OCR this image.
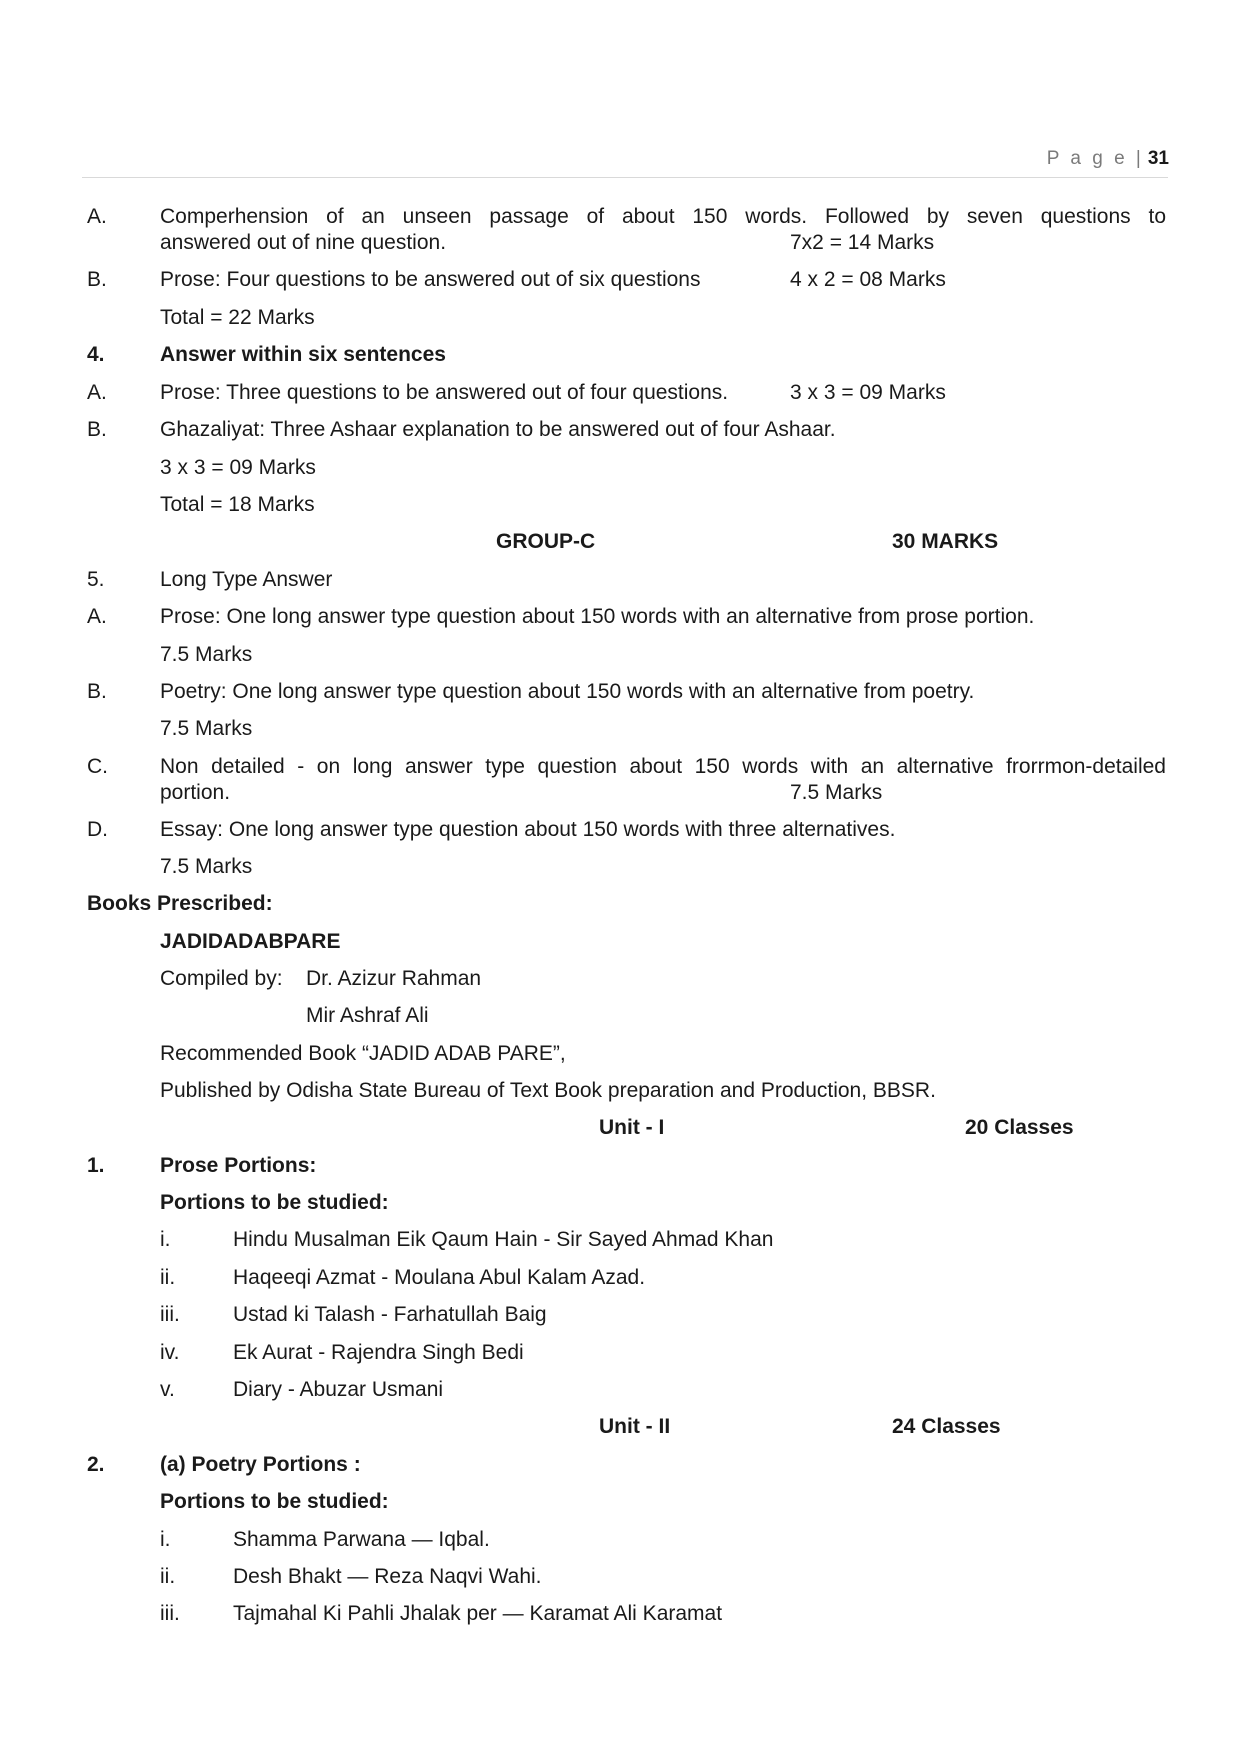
P a g e | 31
A.	Comperhension of an unseen passage of about 150 words. Followed by seven questions to
answered out of nine question.	7x2 = 14 Marks
B.	Prose: Four questions to be answered out of six questions	4 x 2 = 08 Marks
Total = 22 Marks
4.	Answer within six sentences
A.	Prose: Three questions to be answered out of four questions.	3 x 3 = 09 Marks
B.	Ghazaliyat: Three Ashaar explanation to be answered out of four Ashaar.
3 x 3 = 09 Marks
Total = 18 Marks
GROUP-C	30 MARKS
5.	Long Type Answer
A.	Prose: One long answer type question about 150 words with an alternative from prose portion.
7.5 Marks
B.	Poetry: One long answer type question about 150 words with an alternative from poetry.
7.5 Marks
C. Non detailed - on long answer type question about 150 words with an alternative frorrmon-detailed
portion.	7.5 Marks
D. Essay: One long answer type question about 150 words with three alternatives.
7.5 Marks
Books Prescribed:
JADIDADABPARE
Compiled by: Dr. Azizur Rahman
Mir Ashraf Ali
Recommended Book “JADID ADAB PARE”,
Published by Odisha State Bureau of Text Book preparation and Production, BBSR.
Unit - I	20 Classes
1.	Prose Portions:
Portions to be studied:
i.	Hindu Musalman Eik Qaum Hain - Sir Sayed Ahmad Khan
ii.	Haqeeqi Azmat - Moulana Abul Kalam Azad.
iii.	Ustad ki Talash - Farhatullah Baig
iv.	Ek Aurat - Rajendra Singh Bedi
v.	Diary - Abuzar Usmani
Unit - II	24 Classes
2.	(a) Poetry Portions :
Portions to be studied:
i.	Shamma Parwana — Iqbal.
ii.	Desh Bhakt — Reza Naqvi Wahi.
iii.	Tajmahal Ki Pahli Jhalak per — Karamat Ali Karamat
